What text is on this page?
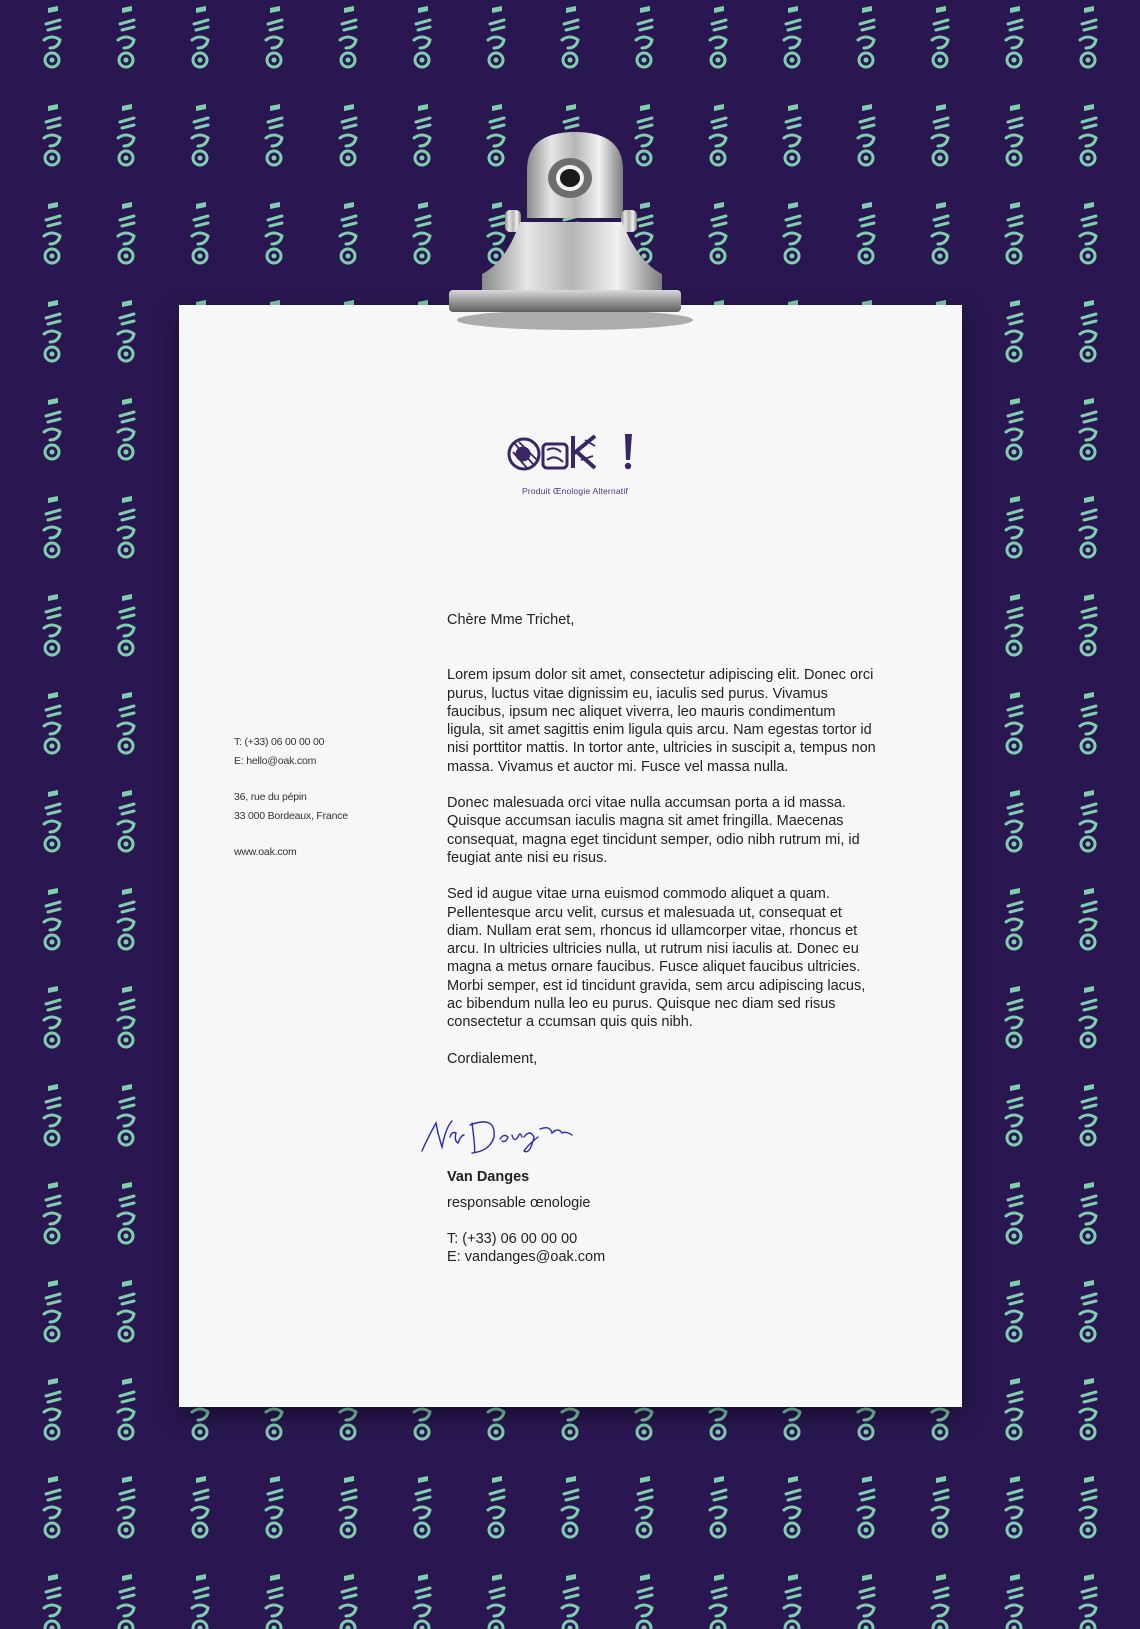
Produit Œnologie Alternatif
T: (+33) 06 00 00 00
E: hello@oak.com
36, rue du pépin
33 000 Bordeaux, France
www.oak.com

Chère Mme Trichet,

Lorem ipsum dolor sit amet, consectetur adipiscing elit. Donec orci purus, luctus vitae dignissim eu, iaculis sed purus. Vivamus faucibus, ipsum nec aliquet viverra, leo mauris condimentum ligula, sit amet sagittis enim ligula quis arcu. Nam egestas tortor id nisi porttitor mattis. In tortor ante, ultricies in suscipit a, tempus non massa. Vivamus et auctor mi. Fusce vel massa nulla.

Donec malesuada orci vitae nulla accumsan porta a id massa. Quisque accumsan iaculis magna sit amet fringilla. Maecenas consequat, magna eget tincidunt semper, odio nibh rutrum mi, id feugiat ante nisi eu risus.

Sed id augue vitae urna euismod commodo aliquet a quam. Pellentesque arcu velit, cursus et malesuada ut, consequat et diam. Nullam erat sem, rhoncus id ullamcorper vitae, rhoncus et arcu. In ultricies ultricies nulla, ut rutrum nisi iaculis at. Donec eu magna a metus ornare faucibus. Fusce aliquet faucibus ultricies. Morbi semper, est id tincidunt gravida, sem arcu adipiscing lacus, ac bibendum nulla leo eu purus. Quisque nec diam sed risus consectetur a ccumsan quis quis nibh.

Cordialement,

Van Danges
responsable œnologie
T: (+33) 06 00 00 00
E: vandanges@oak.com
